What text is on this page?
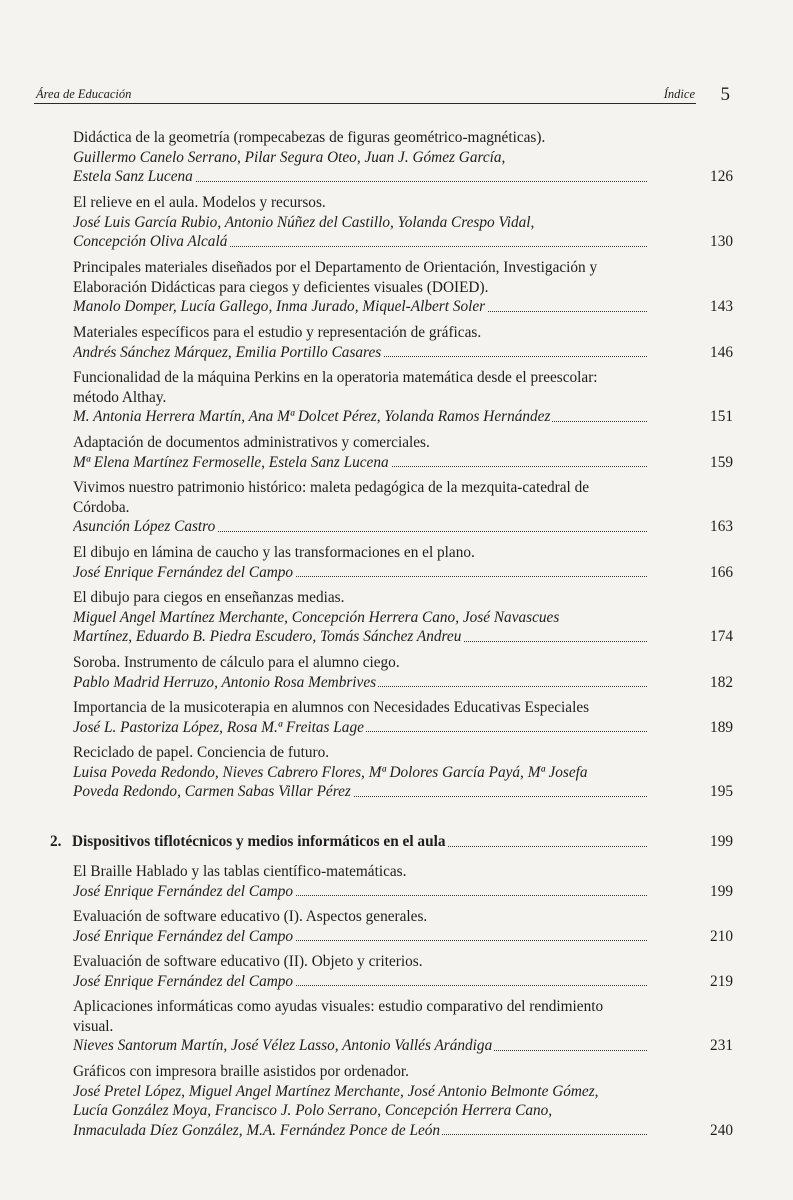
Área de Educación	Índice 5
Didáctica de la geometría (rompecabezas de figuras geométrico-magnéticas).
Guillermo Canelo Serrano, Pilar Segura Oteo, Juan J. Gómez García,
Estela Sanz Lucena	126
El relieve en el aula. Modelos y recursos.
José Luis García Rubio, Antonio Núñez del Castillo, Yolanda Crespo Vidal,
Concepción Oliva Alcalá	130
Principales materiales diseñados por el Departamento de Orientación, Investigación y
Elaboración Didácticas para ciegos y deficientes visuales (DOIED).
Manolo Domper, Lucía Gallego, Inma Jurado, Miquel-Albert Soler	143
Materiales específicos para el estudio y representación de gráficas.
Andrés Sánchez Márquez, Emilia Portillo Casares	146
Funcionalidad de la máquina Perkins en la operatoria matemática desde el preescolar:
método Althay.
M. Antonia Herrera Martín, Ana Mª Dolcet Pérez, Yolanda Ramos Hernández	151
Adaptación de documentos administrativos y comerciales.
Mª Elena Martínez Fermoselle, Estela Sanz Lucena	159
Vivimos nuestro patrimonio histórico: maleta pedagógica de la mezquita-catedral de
Córdoba.
Asunción López Castro	163
El dibujo en lámina de caucho y las transformaciones en el plano.
José Enrique Fernández del Campo	166
El dibujo para ciegos en enseñanzas medias.
Miguel Angel Martínez Merchante, Concepción Herrera Cano, José Navascues
Martínez, Eduardo B. Piedra Escudero, Tomás Sánchez Andreu	174
Soroba. Instrumento de cálculo para el alumno ciego.
Pablo Madrid Herruzo, Antonio Rosa Membrives	182
Importancia de la musicoterapia en alumnos con Necesidades Educativas Especiales
José L. Pastoriza López, Rosa M.ª Freitas Lage	189
Reciclado de papel. Conciencia de futuro.
Luisa Poveda Redondo, Nieves Cabrero Flores, Mª Dolores García Payá, Mª Josefa
Poveda Redondo, Carmen Sabas Villar Pérez	195
2. Dispositivos tiflotécnicos y medios informáticos en el aula	199
El Braille Hablado y las tablas científico-matemáticas.
José Enrique Fernández del Campo	199
Evaluación de software educativo (I). Aspectos generales.
José Enrique Fernández del Campo	210
Evaluación de software educativo (II). Objeto y criterios.
José Enrique Fernández del Campo	219
Aplicaciones informáticas como ayudas visuales: estudio comparativo del rendimiento
visual.
Nieves Santorum Martín, José Vélez Lasso, Antonio Vallés Arándiga	231
Gráficos con impresora braille asistidos por ordenador.
José Pretel López, Miguel Angel Martínez Merchante, José Antonio Belmonte Gómez,
Lucía González Moya, Francisco J. Polo Serrano, Concepción Herrera Cano,
Inmaculada Díez González, M.A. Fernández Ponce de León	240
